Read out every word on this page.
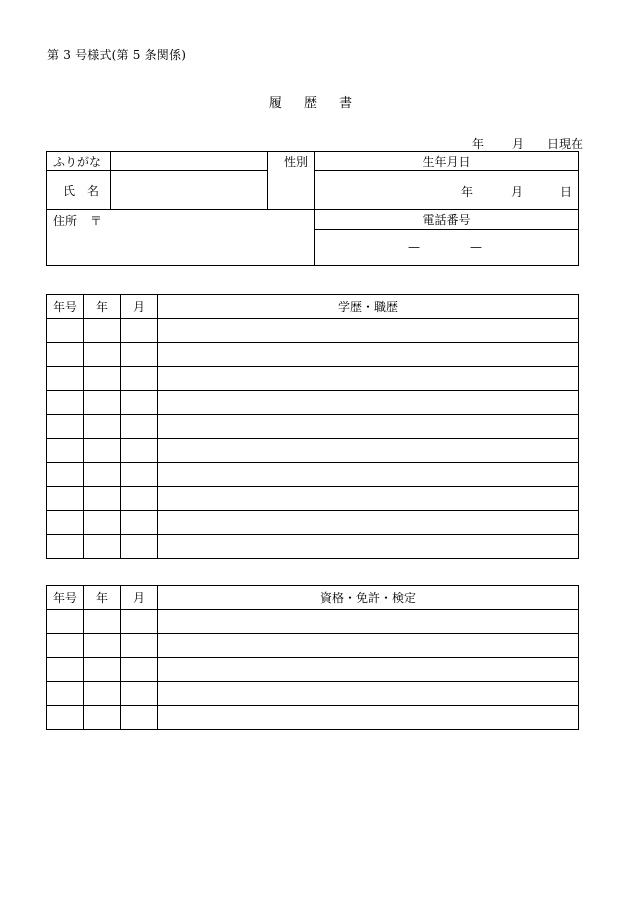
第 3 号様式(第 5 条関係)
履 歴 書
年 月 日現在
ふりがな		性別	生年月日
氏　名			年 月 日

住所 〒			電話番号

			— —
年号	年	月	学歴・職歴

年号	年	月	資格・免許・検定
